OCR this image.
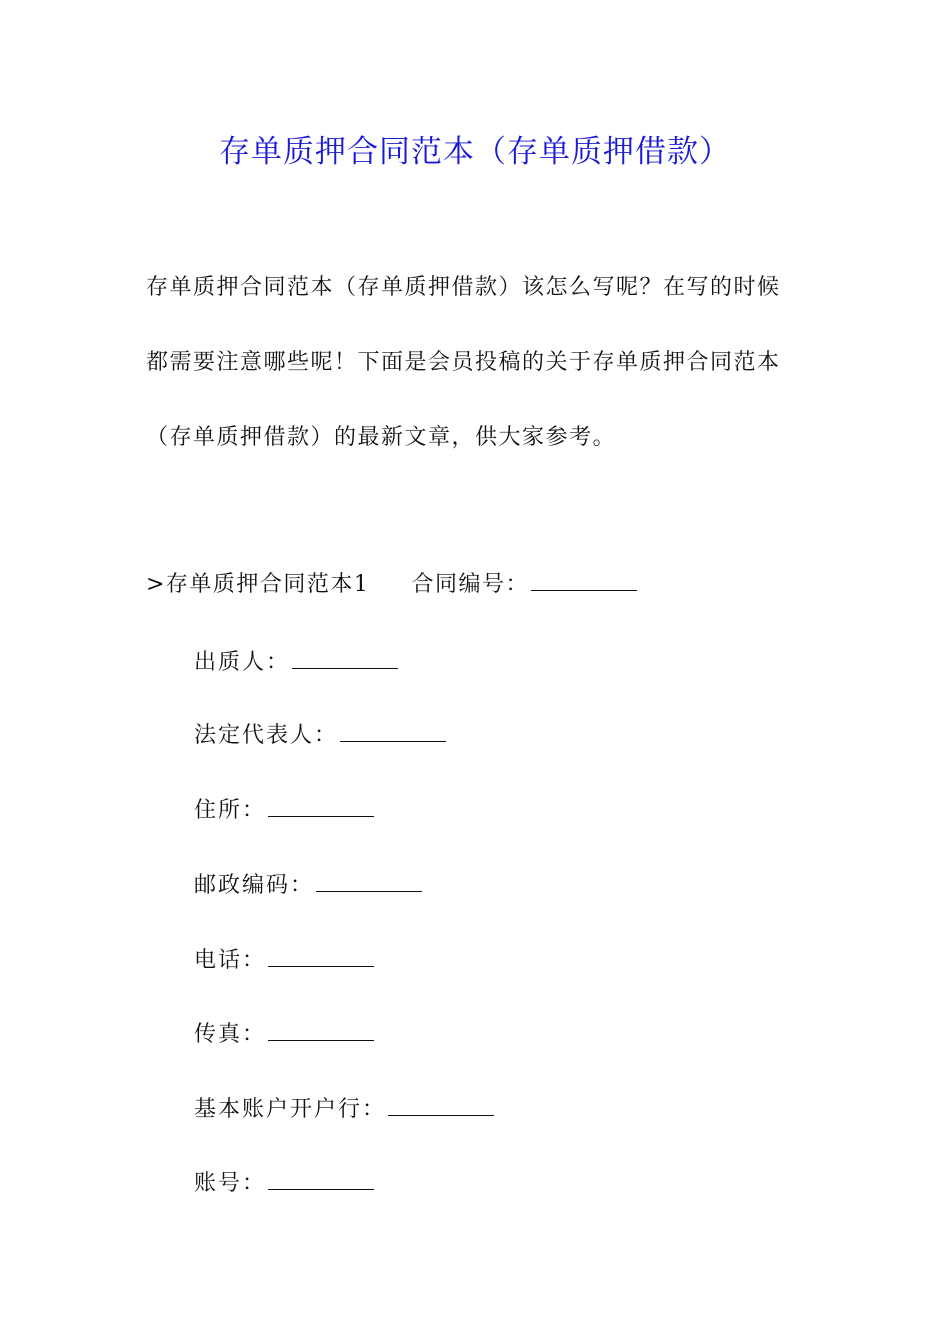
存单质押合同范本（存单质押借款）
存单质押合同范本（存单质押借款）该怎么写呢？在写的时候
都需要注意哪些呢！下面是会员投稿的关于存单质押合同范本
（存单质押借款）的最新文章，供大家参考。
>存单质押合同范本1 合同编号：
出质人：
法定代表人：
住所：
邮政编码：
电话：
传真：
基本账户开户行：
账号：
